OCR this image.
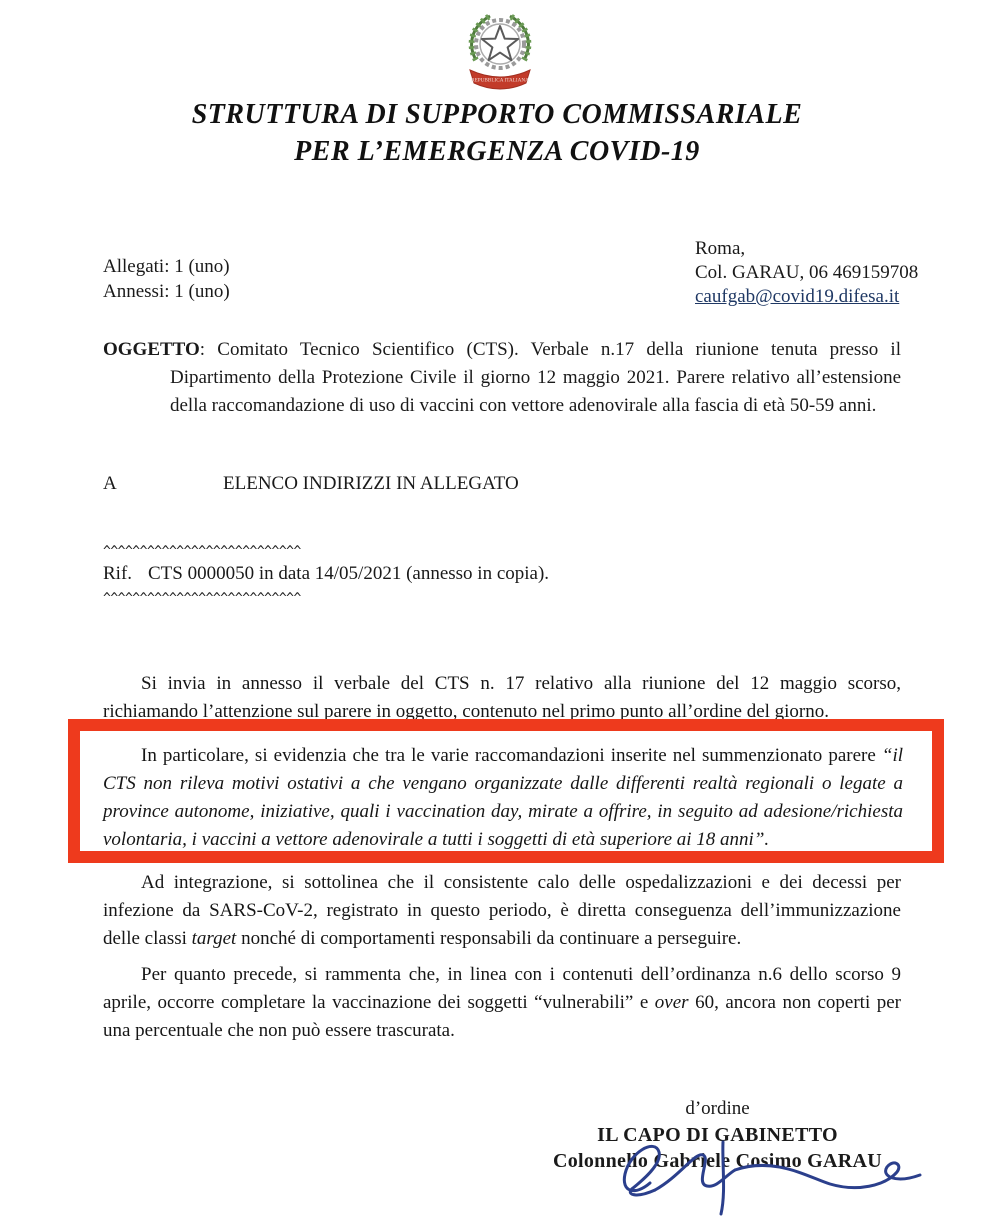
REPUBBLICA ITALIANA
STRUTTURA DI SUPPORTO COMMISSARIALE
PER L’EMERGENZA COVID-19
Roma,
Col. GARAU, 06 469159708
caufgab@covid19.difesa.it
Allegati: 1 (uno)
Annessi: 1 (uno)
OGGETTO: Comitato Tecnico Scientifico (CTS). Verbale n.17 della riunione tenuta presso il Dipartimento della Protezione Civile il giorno 12 maggio 2021. Parere relativo all’estensione della raccomandazione di uso di vaccini con vettore adenovirale alla fascia di età 50-59 anni.
A	ELENCO INDIRIZZI IN ALLEGATO
^^^^^^^^^^^^^^^^^^^^^^^^^^^
Rif. CTS 0000050 in data 14/05/2021 (annesso in copia).
^^^^^^^^^^^^^^^^^^^^^^^^^^^
Si invia in annesso il verbale del CTS n. 17 relativo alla riunione del 12 maggio scorso, richiamando l’attenzione sul parere in oggetto, contenuto nel primo punto all’ordine del giorno.
In particolare, si evidenzia che tra le varie raccomandazioni inserite nel summenzionato parere “il CTS non rileva motivi ostativi a che vengano organizzate dalle differenti realtà regionali o legate a province autonome, iniziative, quali i vaccination day, mirate a offrire, in seguito ad adesione/richiesta volontaria, i vaccini a vettore adenovirale a tutti i soggetti di età superiore ai 18 anni”.
Ad integrazione, si sottolinea che il consistente calo delle ospedalizzazioni e dei decessi per infezione da SARS-CoV-2, registrato in questo periodo, è diretta conseguenza dell’immunizzazione delle classi target nonché di comportamenti responsabili da continuare a perseguire.
Per quanto precede, si rammenta che, in linea con i contenuti dell’ordinanza n.6 dello scorso 9 aprile, occorre completare la vaccinazione dei soggetti “vulnerabili” e over 60, ancora non coperti per una percentuale che non può essere trascurata.
d’ordine
IL CAPO DI GABINETTO
Colonnello Gabriele Cosimo GARAU
